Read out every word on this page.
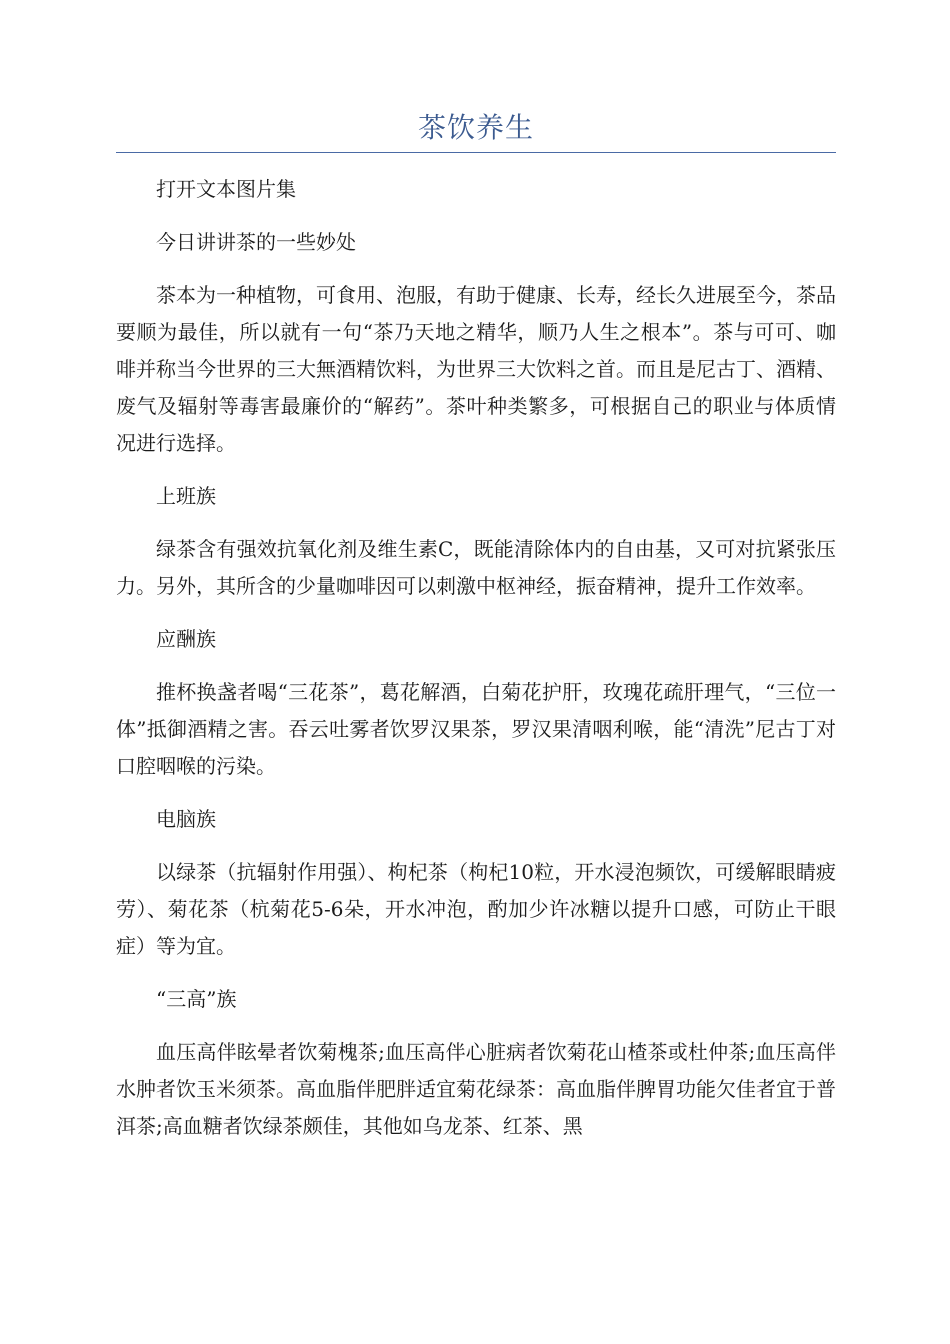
茶饮养生

打开文本图片集

今日讲讲茶的一些妙处

茶本为一种植物，可食用、泡服，有助于健康、长寿，经长久进展至今，茶品要顺为最佳，所以就有一句“茶乃天地之精华，顺乃人生之根本”。茶与可可、咖啡并称当今世界的三大無酒精饮料，为世界三大饮料之首。而且是尼古丁、酒精、废气及辐射等毒害最廉价的“解药”。茶叶种类繁多，可根据自己的职业与体质情况进行选择。

上班族

绿茶含有强效抗氧化剂及维生素C，既能清除体内的自由基，又可对抗紧张压力。另外，其所含的少量咖啡因可以刺激中枢神经，振奋精神，提升工作效率。

应酬族

推杯换盏者喝“三花茶”，葛花解酒，白菊花护肝，玫瑰花疏肝理气，“三位一体”抵御酒精之害。吞云吐雾者饮罗汉果茶，罗汉果清咽利喉，能“清洗”尼古丁对口腔咽喉的污染。

电脑族

以绿茶（抗辐射作用强）、枸杞茶（枸杞10粒，开水浸泡频饮，可缓解眼睛疲劳）、菊花茶（杭菊花5-6朵，开水冲泡，酌加少许冰糖以提升口感，可防止干眼症）等为宜。

“三高”族

血压高伴眩晕者饮菊槐茶;血压高伴心脏病者饮菊花山楂茶或杜仲茶;血压高伴水肿者饮玉米须茶。高血脂伴肥胖适宜菊花绿茶：高血脂伴脾胃功能欠佳者宜于普洱茶;高血糖者饮绿茶颇佳，其他如乌龙茶、红茶、黑
